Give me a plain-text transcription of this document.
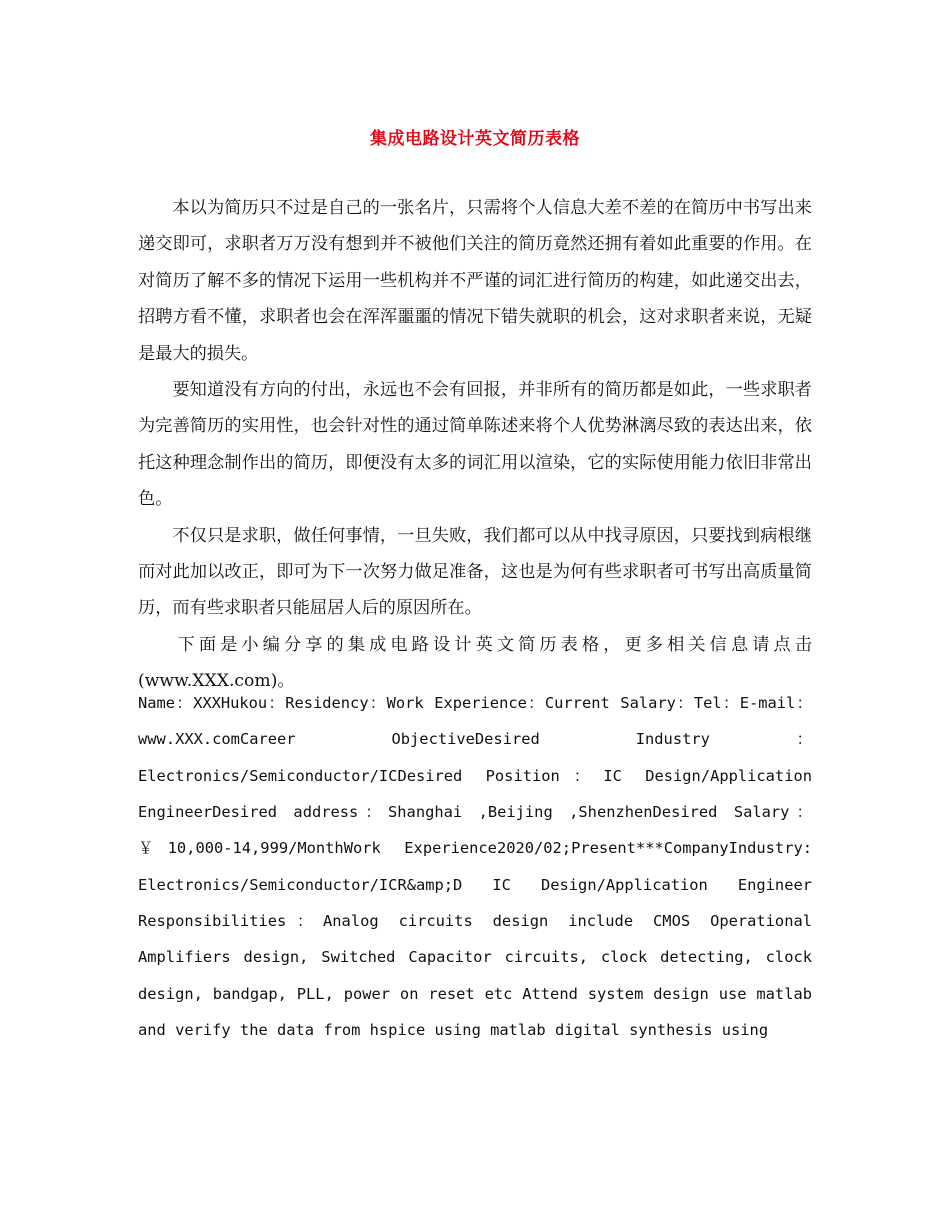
集成电路设计英文简历表格

本以为简历只不过是自己的一张名片，只需将个人信息大差不差的在简历中书写出来递交即可，求职者万万没有想到并不被他们关注的简历竟然还拥有着如此重要的作用。在对简历了解不多的情况下运用一些机构并不严谨的词汇进行简历的构建，如此递交出去，招聘方看不懂，求职者也会在浑浑噩噩的情况下错失就职的机会，这对求职者来说，无疑是最大的损失。

要知道没有方向的付出，永远也不会有回报，并非所有的简历都是如此，一些求职者为完善简历的实用性，也会针对性的通过简单陈述来将个人优势淋漓尽致的表达出来，依托这种理念制作出的简历，即便没有太多的词汇用以渲染，它的实际使用能力依旧非常出色。

不仅只是求职，做任何事情，一旦失败，我们都可以从中找寻原因，只要找到病根继而对此加以改正，即可为下一次努力做足准备，这也是为何有些求职者可书写出高质量简历，而有些求职者只能屈居人后的原因所在。

下面是小编分享的集成电路设计英文简历表格，更多相关信息请点击(www.XXX.com)。

Name：XXXHukou：Residency：Work Experience：Current Salary：Tel：E-mail：www.XXX.comCareer ObjectiveDesired Industry：Electronics/Semiconductor/ICDesired Position：IC Design/Application EngineerDesired address：Shanghai ,Beijing ,ShenzhenDesired Salary：￥10,000-14,999/MonthWork Experience2020/02;Present***CompanyIndustry: Electronics/Semiconductor/ICR&amp;D IC Design/Application Engineer Responsibilities：Analog circuits design include CMOS Operational Amplifiers design, Switched Capacitor circuits, clock detecting, clock design, bandgap, PLL, power on reset etc Attend system design use matlab and verify the data from hspice using matlab digital synthesis using
